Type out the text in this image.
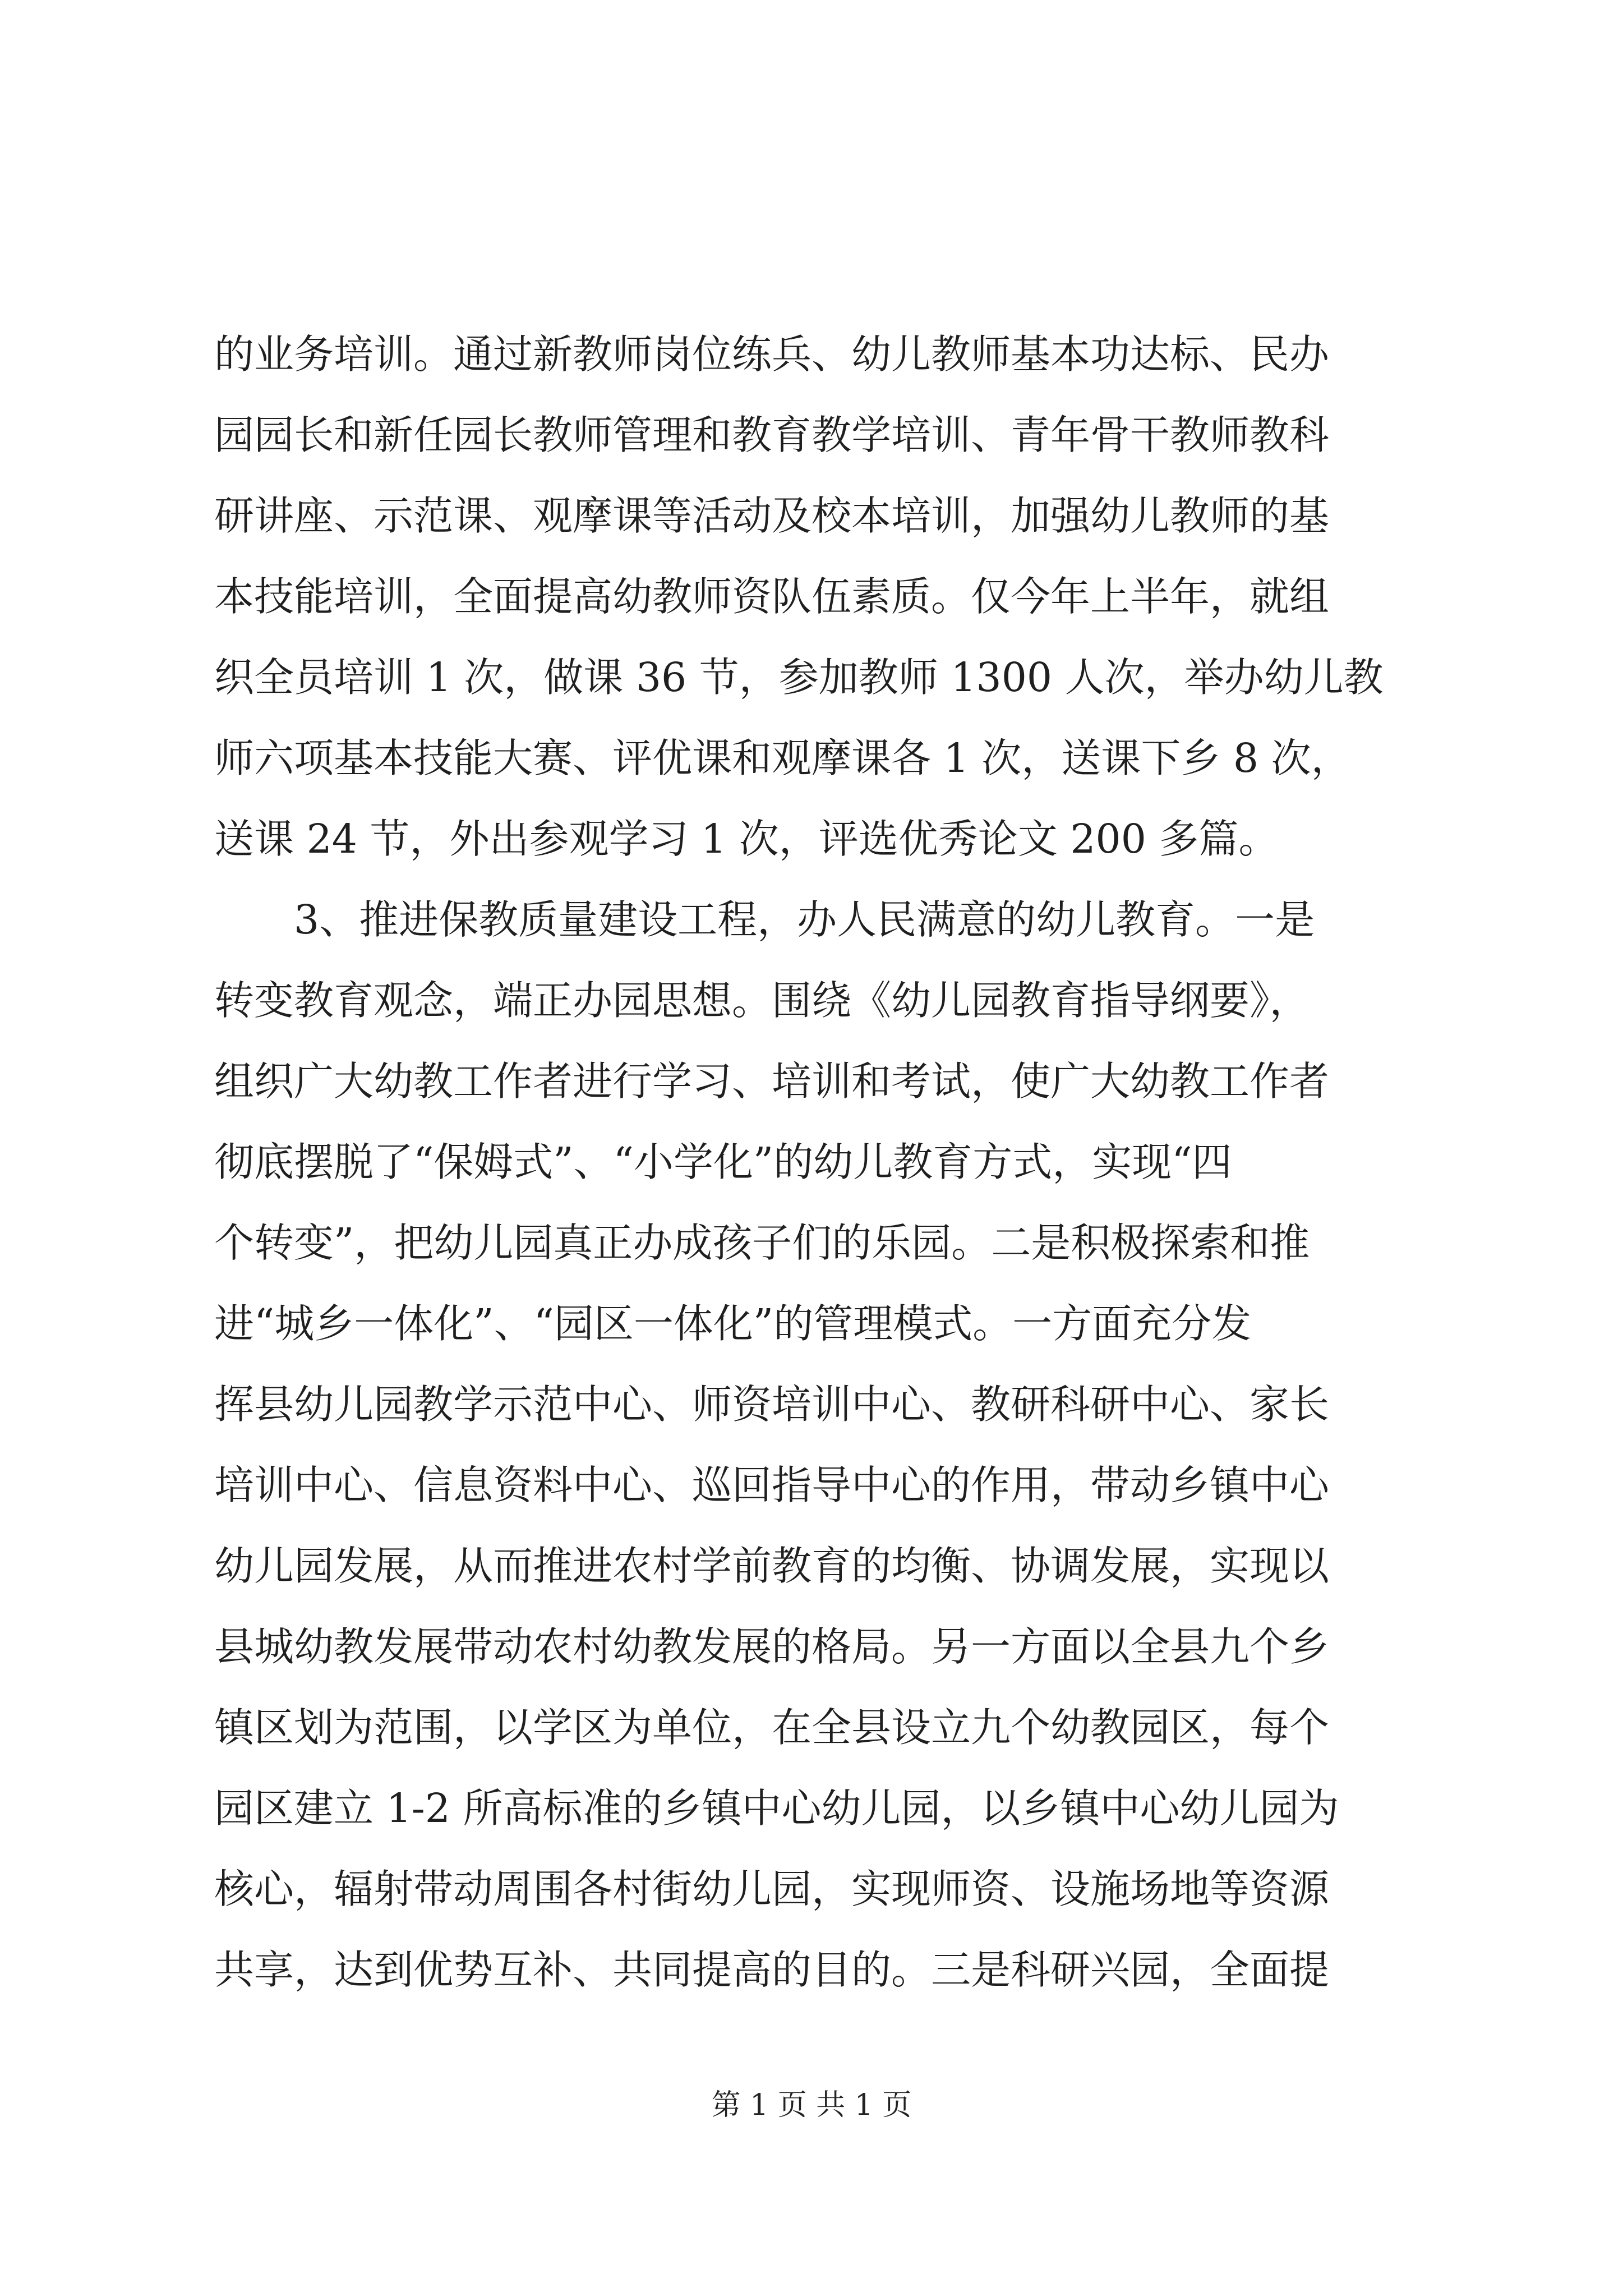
的业务培训。通过新教师岗位练兵、幼儿教师基本功达标、民办
园园长和新任园长教师管理和教育教学培训、青年骨干教师教科
研讲座、示范课、观摩课等活动及校本培训，加强幼儿教师的基
本技能培训，全面提高幼教师资队伍素质。仅今年上半年，就组
织全员培训 1 次，做课 36 节，参加教师 1300 人次，举办幼儿教
师六项基本技能大赛、评优课和观摩课各 1 次，送课下乡 8 次，
送课 24 节，外出参观学习 1 次，评选优秀论文 200 多篇。
　　3、推进保教质量建设工程，办人民满意的幼儿教育。一是
转变教育观念，端正办园思想。围绕《幼儿园教育指导纲要》，
组织广大幼教工作者进行学习、培训和考试，使广大幼教工作者
彻底摆脱了“保姆式”、“小学化”的幼儿教育方式，实现“四
个转变”，把幼儿园真正办成孩子们的乐园。二是积极探索和推
进“城乡一体化”、“园区一体化”的管理模式。一方面充分发
挥县幼儿园教学示范中心、师资培训中心、教研科研中心、家长
培训中心、信息资料中心、巡回指导中心的作用，带动乡镇中心
幼儿园发展，从而推进农村学前教育的均衡、协调发展，实现以
县城幼教发展带动农村幼教发展的格局。另一方面以全县九个乡
镇区划为范围，以学区为单位，在全县设立九个幼教园区，每个
园区建立 1-2 所高标准的乡镇中心幼儿园，以乡镇中心幼儿园为
核心，辐射带动周围各村街幼儿园，实现师资、设施场地等资源
共享，达到优势互补、共同提高的目的。三是科研兴园，全面提
第 1 页 共 1 页
